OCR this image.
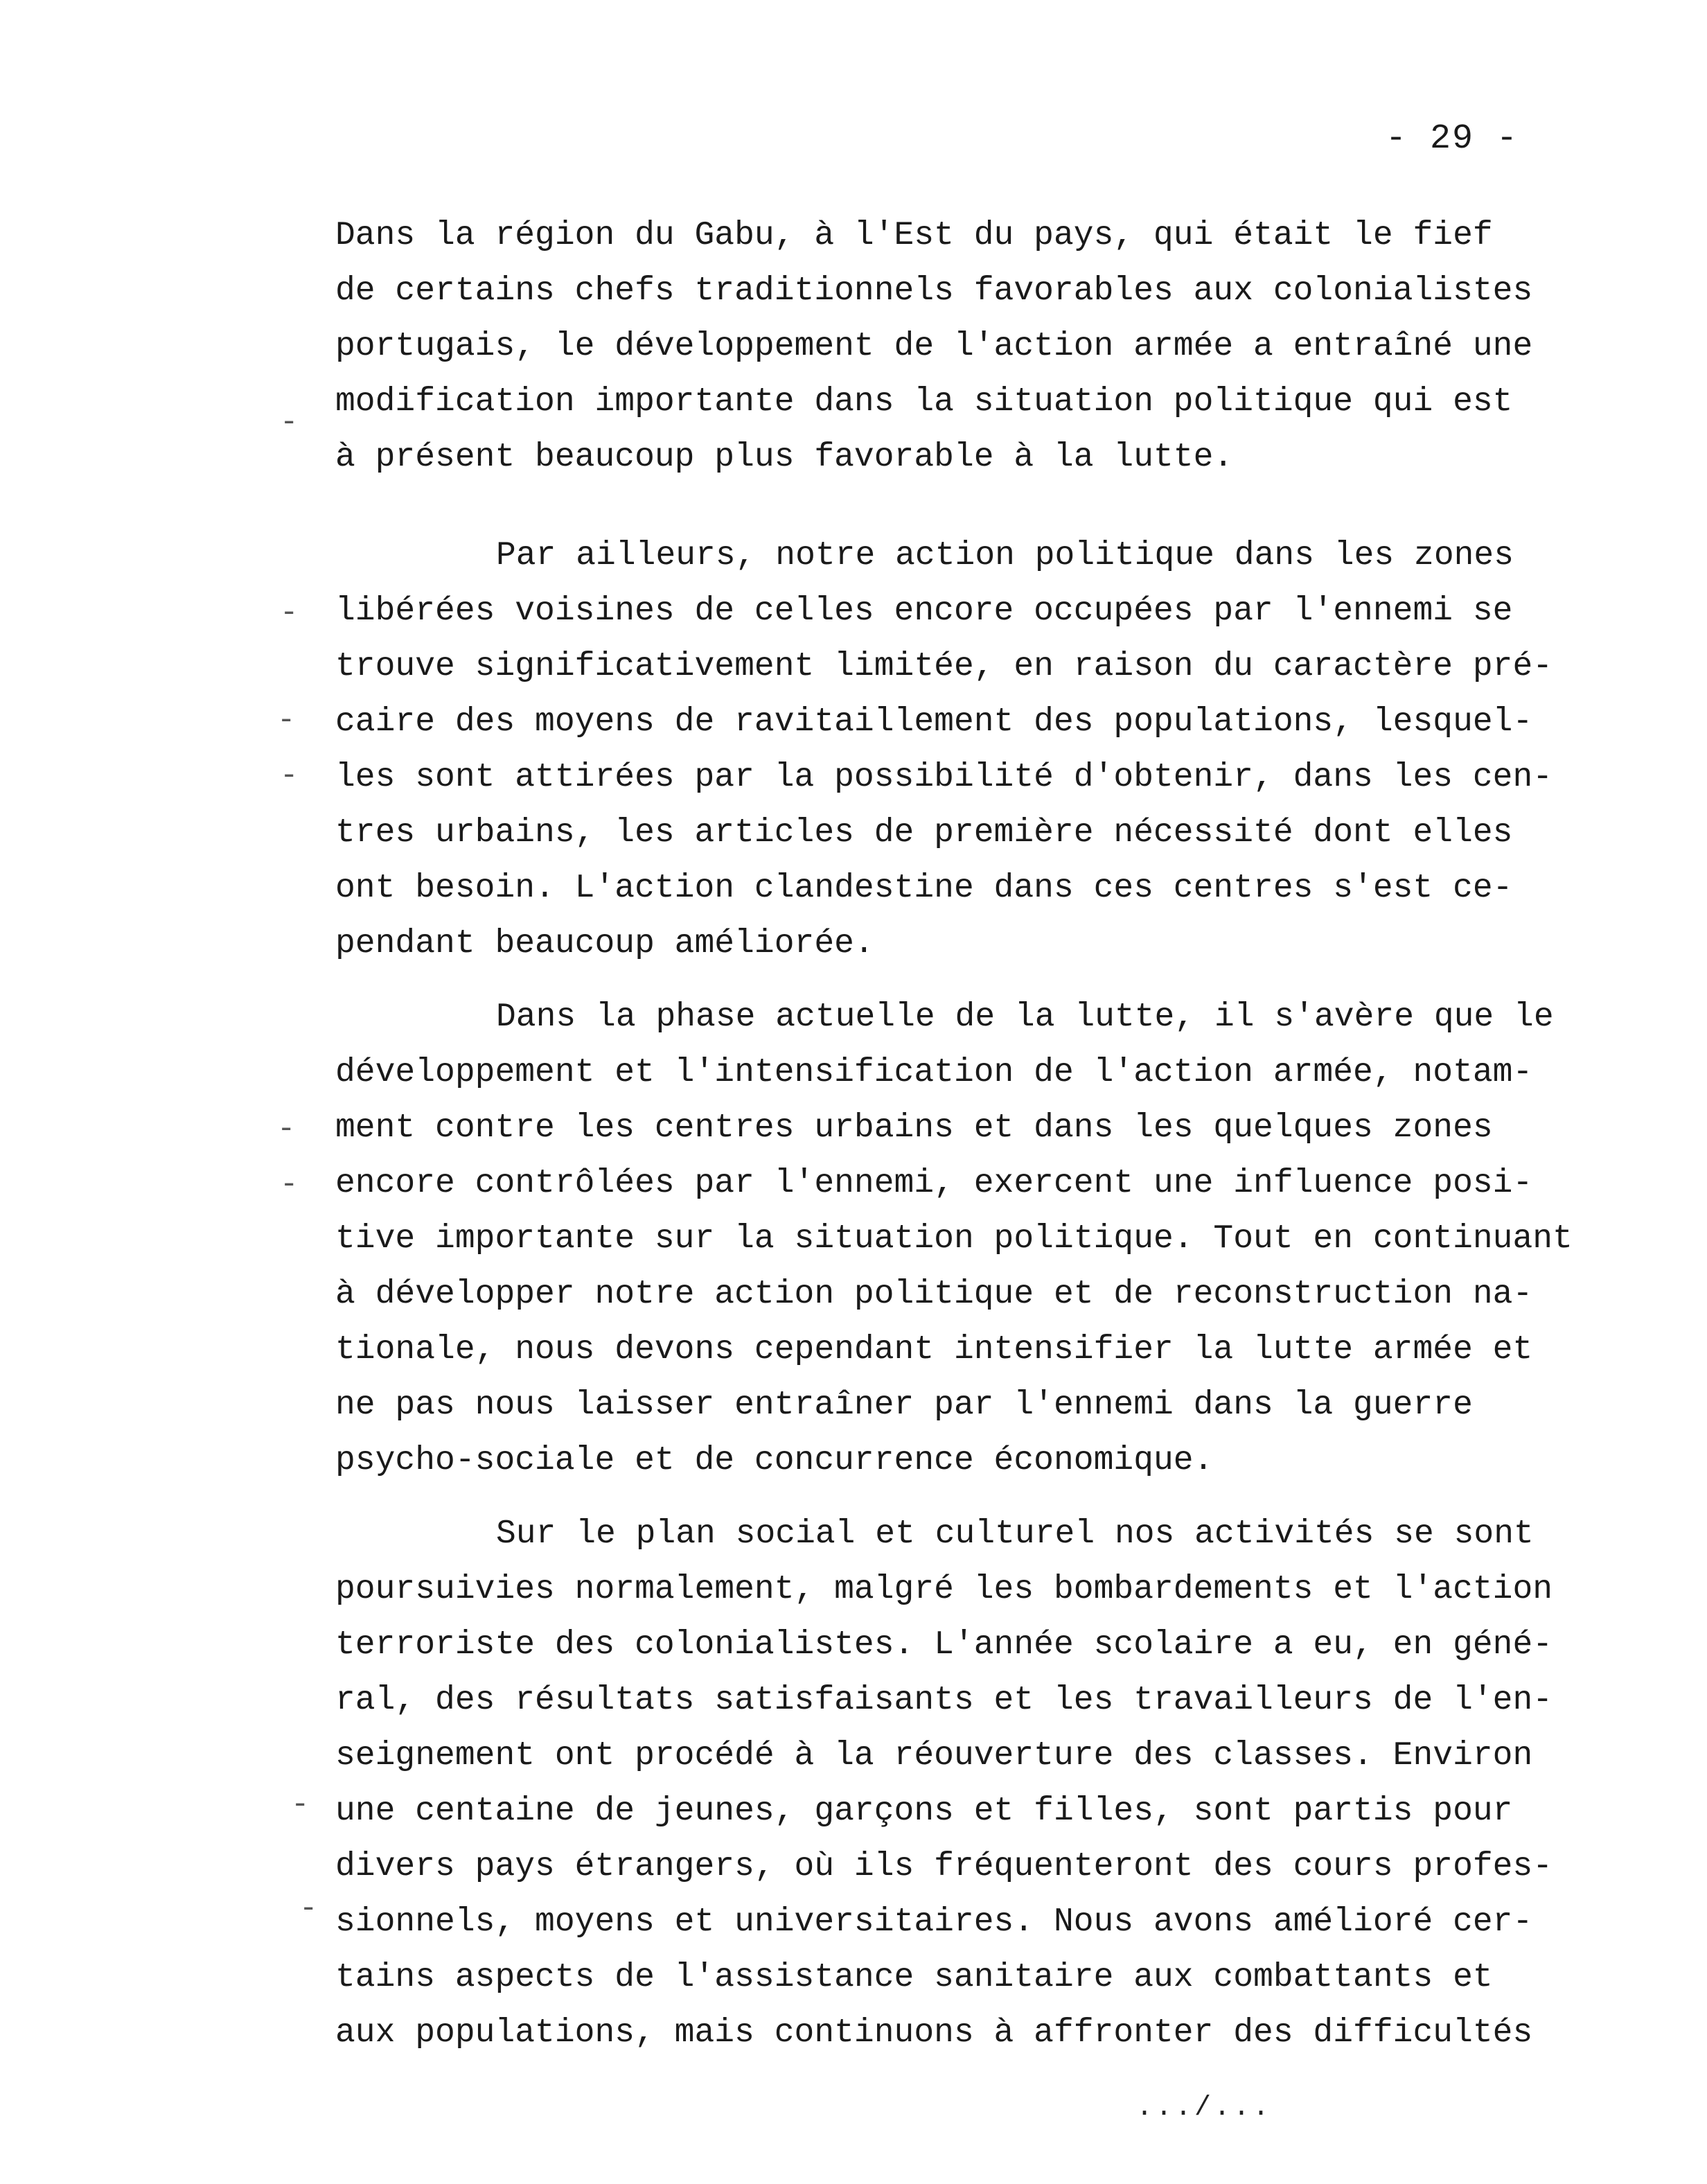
- 29 -
Dans la région du Gabu, à l'Est du pays, qui était le fief
de certains chefs traditionnels favorables aux colonialistes
portugais, le développement de l'action armée a entraîné une
modification importante dans la situation politique qui est
à présent beaucoup plus favorable à la lutte.
Par ailleurs, notre action politique dans les zones
libérées voisines de celles encore occupées par l'ennemi se
trouve significativement limitée, en raison du caractère pré-
caire des moyens de ravitaillement des populations, lesquel-
les sont attirées par la possibilité d'obtenir, dans les cen-
tres urbains, les articles de première nécessité dont elles
ont besoin. L'action clandestine dans ces centres s'est ce-
pendant beaucoup améliorée.
Dans la phase actuelle de la lutte, il s'avère que le
développement et l'intensification de l'action armée, notam-
ment contre les centres urbains et dans les quelques zones
encore contrôlées par l'ennemi, exercent une influence posi-
tive importante sur la situation politique. Tout en continuant
à développer notre action politique et de reconstruction na-
tionale, nous devons cependant intensifier la lutte armée et
ne pas nous laisser entraîner par l'ennemi dans la guerre
psycho-sociale et de concurrence économique.
Sur le plan social et culturel nos activités se sont
poursuivies normalement, malgré les bombardements et l'action
terroriste des colonialistes. L'année scolaire a eu, en géné-
ral, des résultats satisfaisants et les travailleurs de l'en-
seignement ont procédé à la réouverture des classes. Environ
une centaine de jeunes, garçons et filles, sont partis pour
divers pays étrangers, où ils fréquenteront des cours profes-
sionnels, moyens et universitaires. Nous avons amélioré cer-
tains aspects de l'assistance sanitaire aux combattants et
aux populations, mais continuons à affronter des difficultés
-
-
-
-
-
-
-
-
.../...
